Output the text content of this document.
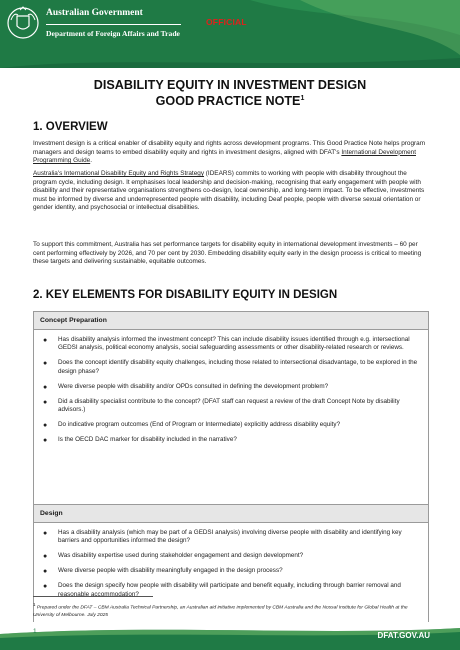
Australian Government
Department of Foreign Affairs and Trade
OFFICIAL
DISABILITY EQUITY IN INVESTMENT DESIGN
GOOD PRACTICE NOTE$^1$
1. OVERVIEW

Investment design is a critical enabler of disability equity and rights across development programs. This Good Practice Note helps program managers and design teams to embed disability equity and rights in investment designs, aligned with DFAT's International Development Programming Guide.

Australia's International Disability Equity and Rights Strategy (IDEARS) commits to working with people with disability throughout the program cycle, including design. It emphasises local leadership and decision-making, recognising that early engagement with people with disability and their representative organisations strengthens co-design, local ownership, and long-term impact. To be effective, investments must be informed by diverse and underrepresented people with disability, including Deaf people, people with diverse sexual orientation or gender identity, and psychosocial or intellectual disabilities.

To support this commitment, Australia has set performance targets for disability equity in international development investments – 60 per cent performing effectively by 2026, and 70 per cent by 2030. Embedding disability equity early in the design process is critical to meeting these targets and delivering sustainable, equitable outcomes.

2. KEY ELEMENTS FOR DISABILITY EQUITY IN DESIGN
Concept Preparation
● Has disability analysis informed the investment concept? This can include disability issues identified through e.g. intersectional GEDSI analysis, political economy analysis, social safeguarding assessments or other disability-related research or reviews.
● Does the concept identify disability equity challenges, including those related to intersectional disadvantage, to be explored in the design phase?
● Were diverse people with disability and/or OPDs consulted in defining the development problem?
● Did a disability specialist contribute to the concept? (DFAT staff can request a review of the draft Concept Note by disability advisors.)
● Do indicative program outcomes (End of Program or Intermediate) explicitly address disability equity?
● Is the OECD DAC marker for disability included in the narrative?
Design
● Has a disability analysis (which may be part of a GEDSI analysis) involving diverse people with disability and identifying key barriers and opportunities informed the design?
● Was disability expertise used during stakeholder engagement and design development?
● Were diverse people with disability meaningfully engaged in the design process?
● Does the design specify how people with disability will participate and benefit equally, including through barrier removal and reasonable accommodation?
$^1$ Prepared under the DFAT – CBM Australia Technical Partnership, an Australian aid initiative implemented by CBM Australia and the Nossal Institute for Global Health at the University of Melbourne. July 2025
1	DFAT.GOV.AU
